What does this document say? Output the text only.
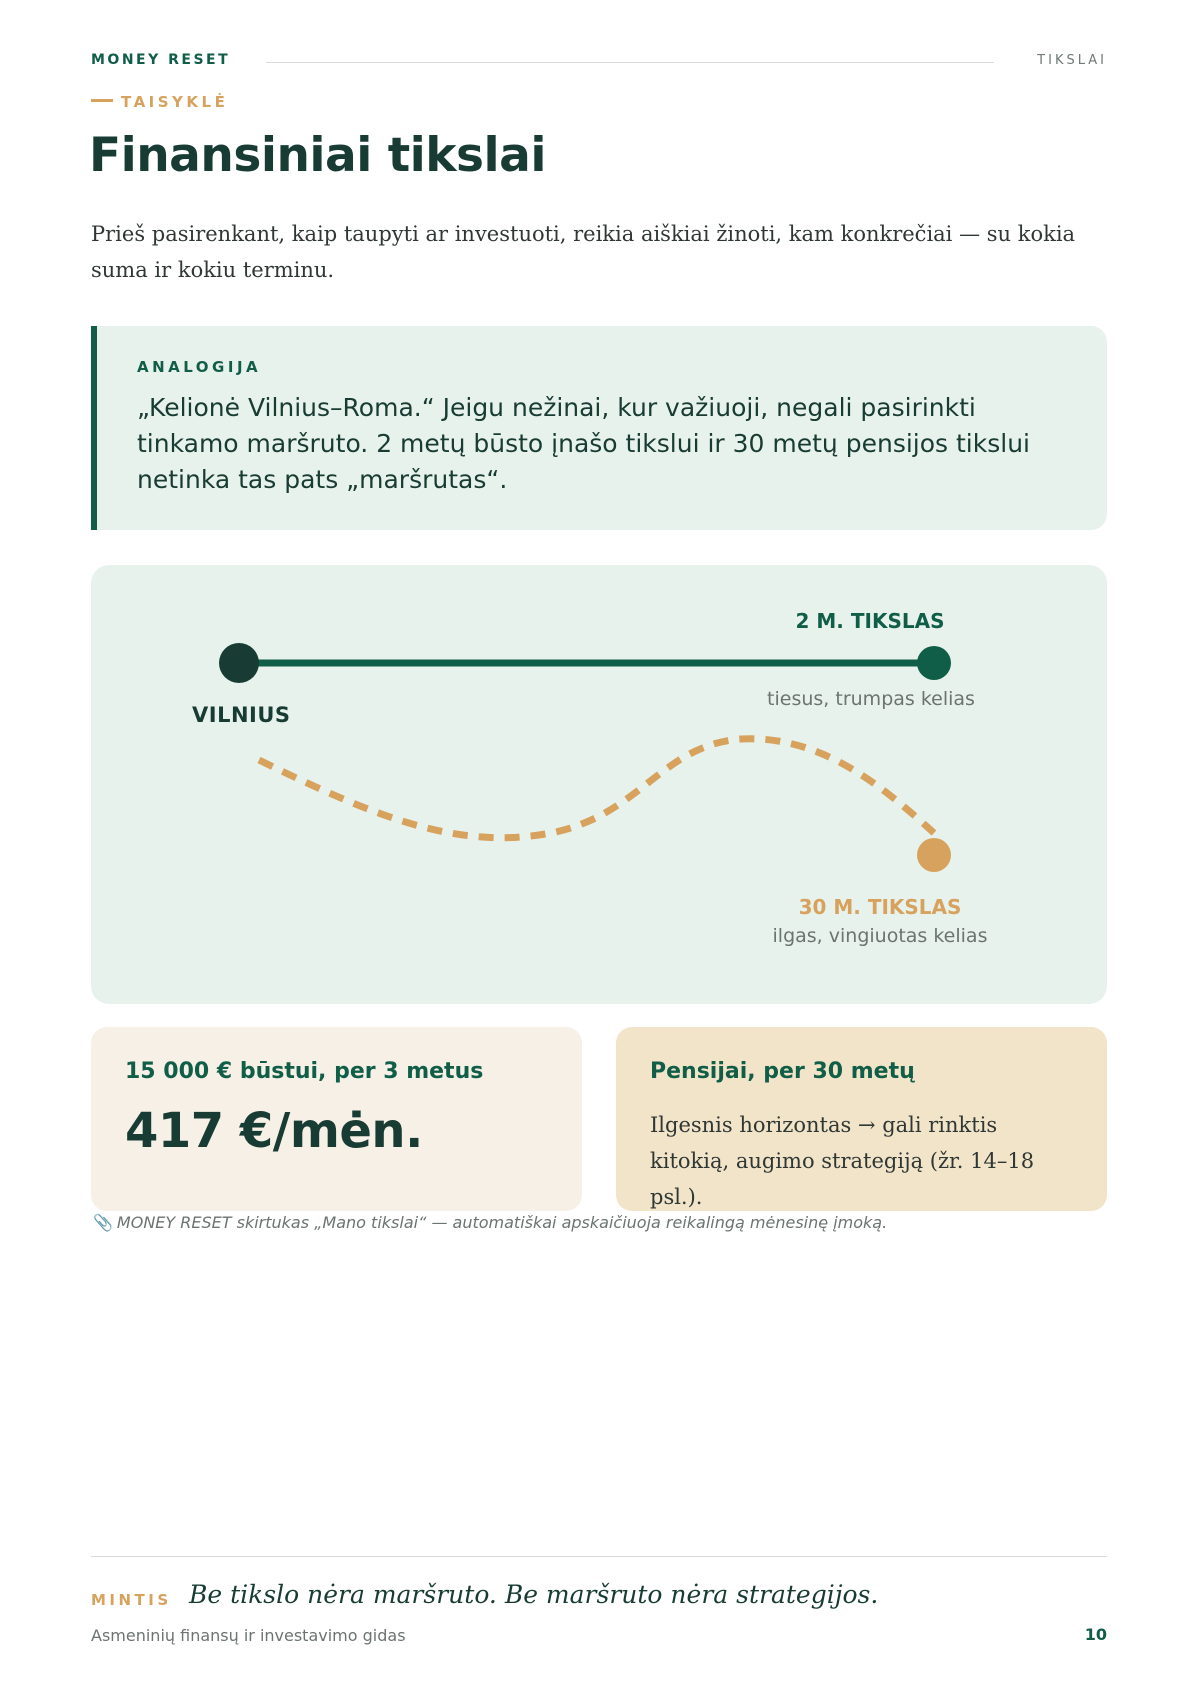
MONEY RESET	TIKSLAI
TAISYKLĖ
Finansiniai tikslai

Prieš pasirenkant, kaip taupyti ar investuoti, reikia aiškiai žinoti, kam konkrečiai — su kokia suma ir kokiu terminu.

ANALOGIJA

„Kelionė Vilnius–Roma.“ Jeigu nežinai, kur važiuoji, negali pasirinkti tinkamo maršruto. 2 metų būsto įnašo tikslui ir 30 metų pensijos tikslui netinka tas pats „maršrutas“.

VILNIUS
2 M. TIKSLAS
tiesus, trumpas kelias
30 M. TIKSLAS
ilgas, vingiuotas kelias
15 000 € būstui, per 3 metus
417 €/mėn.
Pensijai, per 30 metų

Ilgesnis horizontas → gali rinktis kitokią, augimo strategiją (žr. 14–18 psl.).

📎 MONEY RESET skirtukas „Mano tikslai“ — automatiškai apskaičiuoja reikalingą mėnesinę įmoką.
MINTIS Be tikslo nėra maršruto. Be maršruto nėra strategijos.
Asmeninių finansų ir investavimo gidas	10
